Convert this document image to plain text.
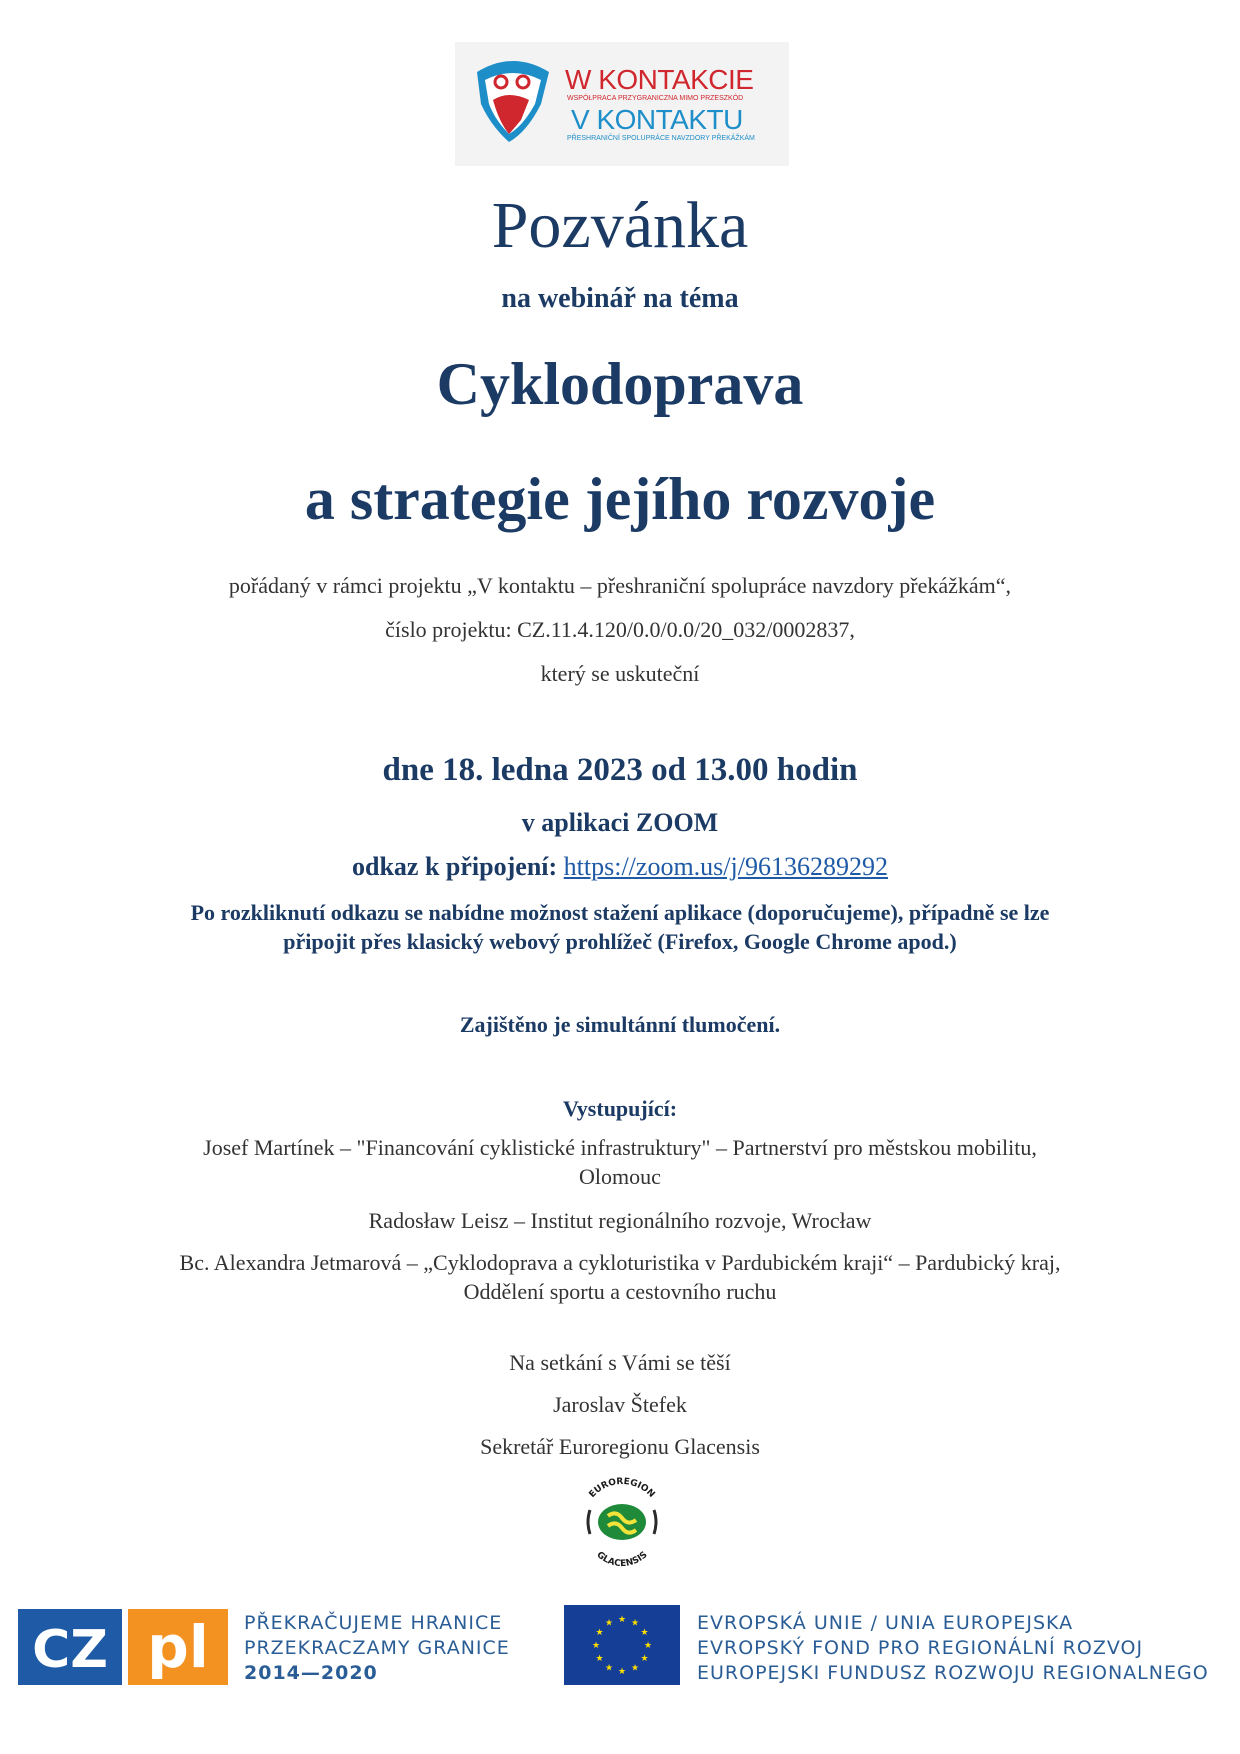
W KONTAKCIE
WSPÓŁPRACA PRZYGRANICZNA MIMO PRZESZKÓD
V KONTAKTU
PŘESHRANIČNÍ SPOLUPRÁCE NAVZDORY PŘEKÁŽKÁM
Pozvánka
na webinář na téma
Cyklodoprava
a strategie jejího rozvoje
pořádaný v rámci projektu „V kontaktu – přeshraniční spolupráce navzdory překážkám“,
číslo projektu: CZ.11.4.120/0.0/0.0/20_032/0002837,
který se uskuteční
dne 18. ledna 2023 od 13.00 hodin
v aplikaci ZOOM
odkaz k připojení: https://zoom.us/j/96136289292
Po rozkliknutí odkazu se nabídne možnost stažení aplikace (doporučujeme), případně se lze
připojit přes klasický webový prohlížeč (Firefox, Google Chrome apod.)
Zajištěno je simultánní tlumočení.
Vystupující:
Josef Martínek – "Financování cyklistické infrastruktury" – Partnerství pro městskou mobilitu,
Olomouc
Radosław Leisz – Institut regionálního rozvoje, Wrocław
Bc. Alexandra Jetmarová – „Cyklodoprava a cykloturistika v Pardubickém kraji“ – Pardubický kraj,
Oddělení sportu a cestovního ruchu
Na setkání s Vámi se těší
Jaroslav Štefek
Sekretář Euroregionu Glacensis
EUROREGION
GLACENSIS
CZ pl PŘEKRAČUJEME HRANICE
PRZEKRACZAMY GRANICE
2014—2020
★ ★
★
★
★
★
★
★
★
★
★
★	EVROPSKÁ UNIE / UNIA EUROPEJSKA
EVROPSKÝ FOND PRO REGIONÁLNÍ ROZVOJ
EUROPEJSKI FUNDUSZ ROZWOJU REGIONALNEGO
